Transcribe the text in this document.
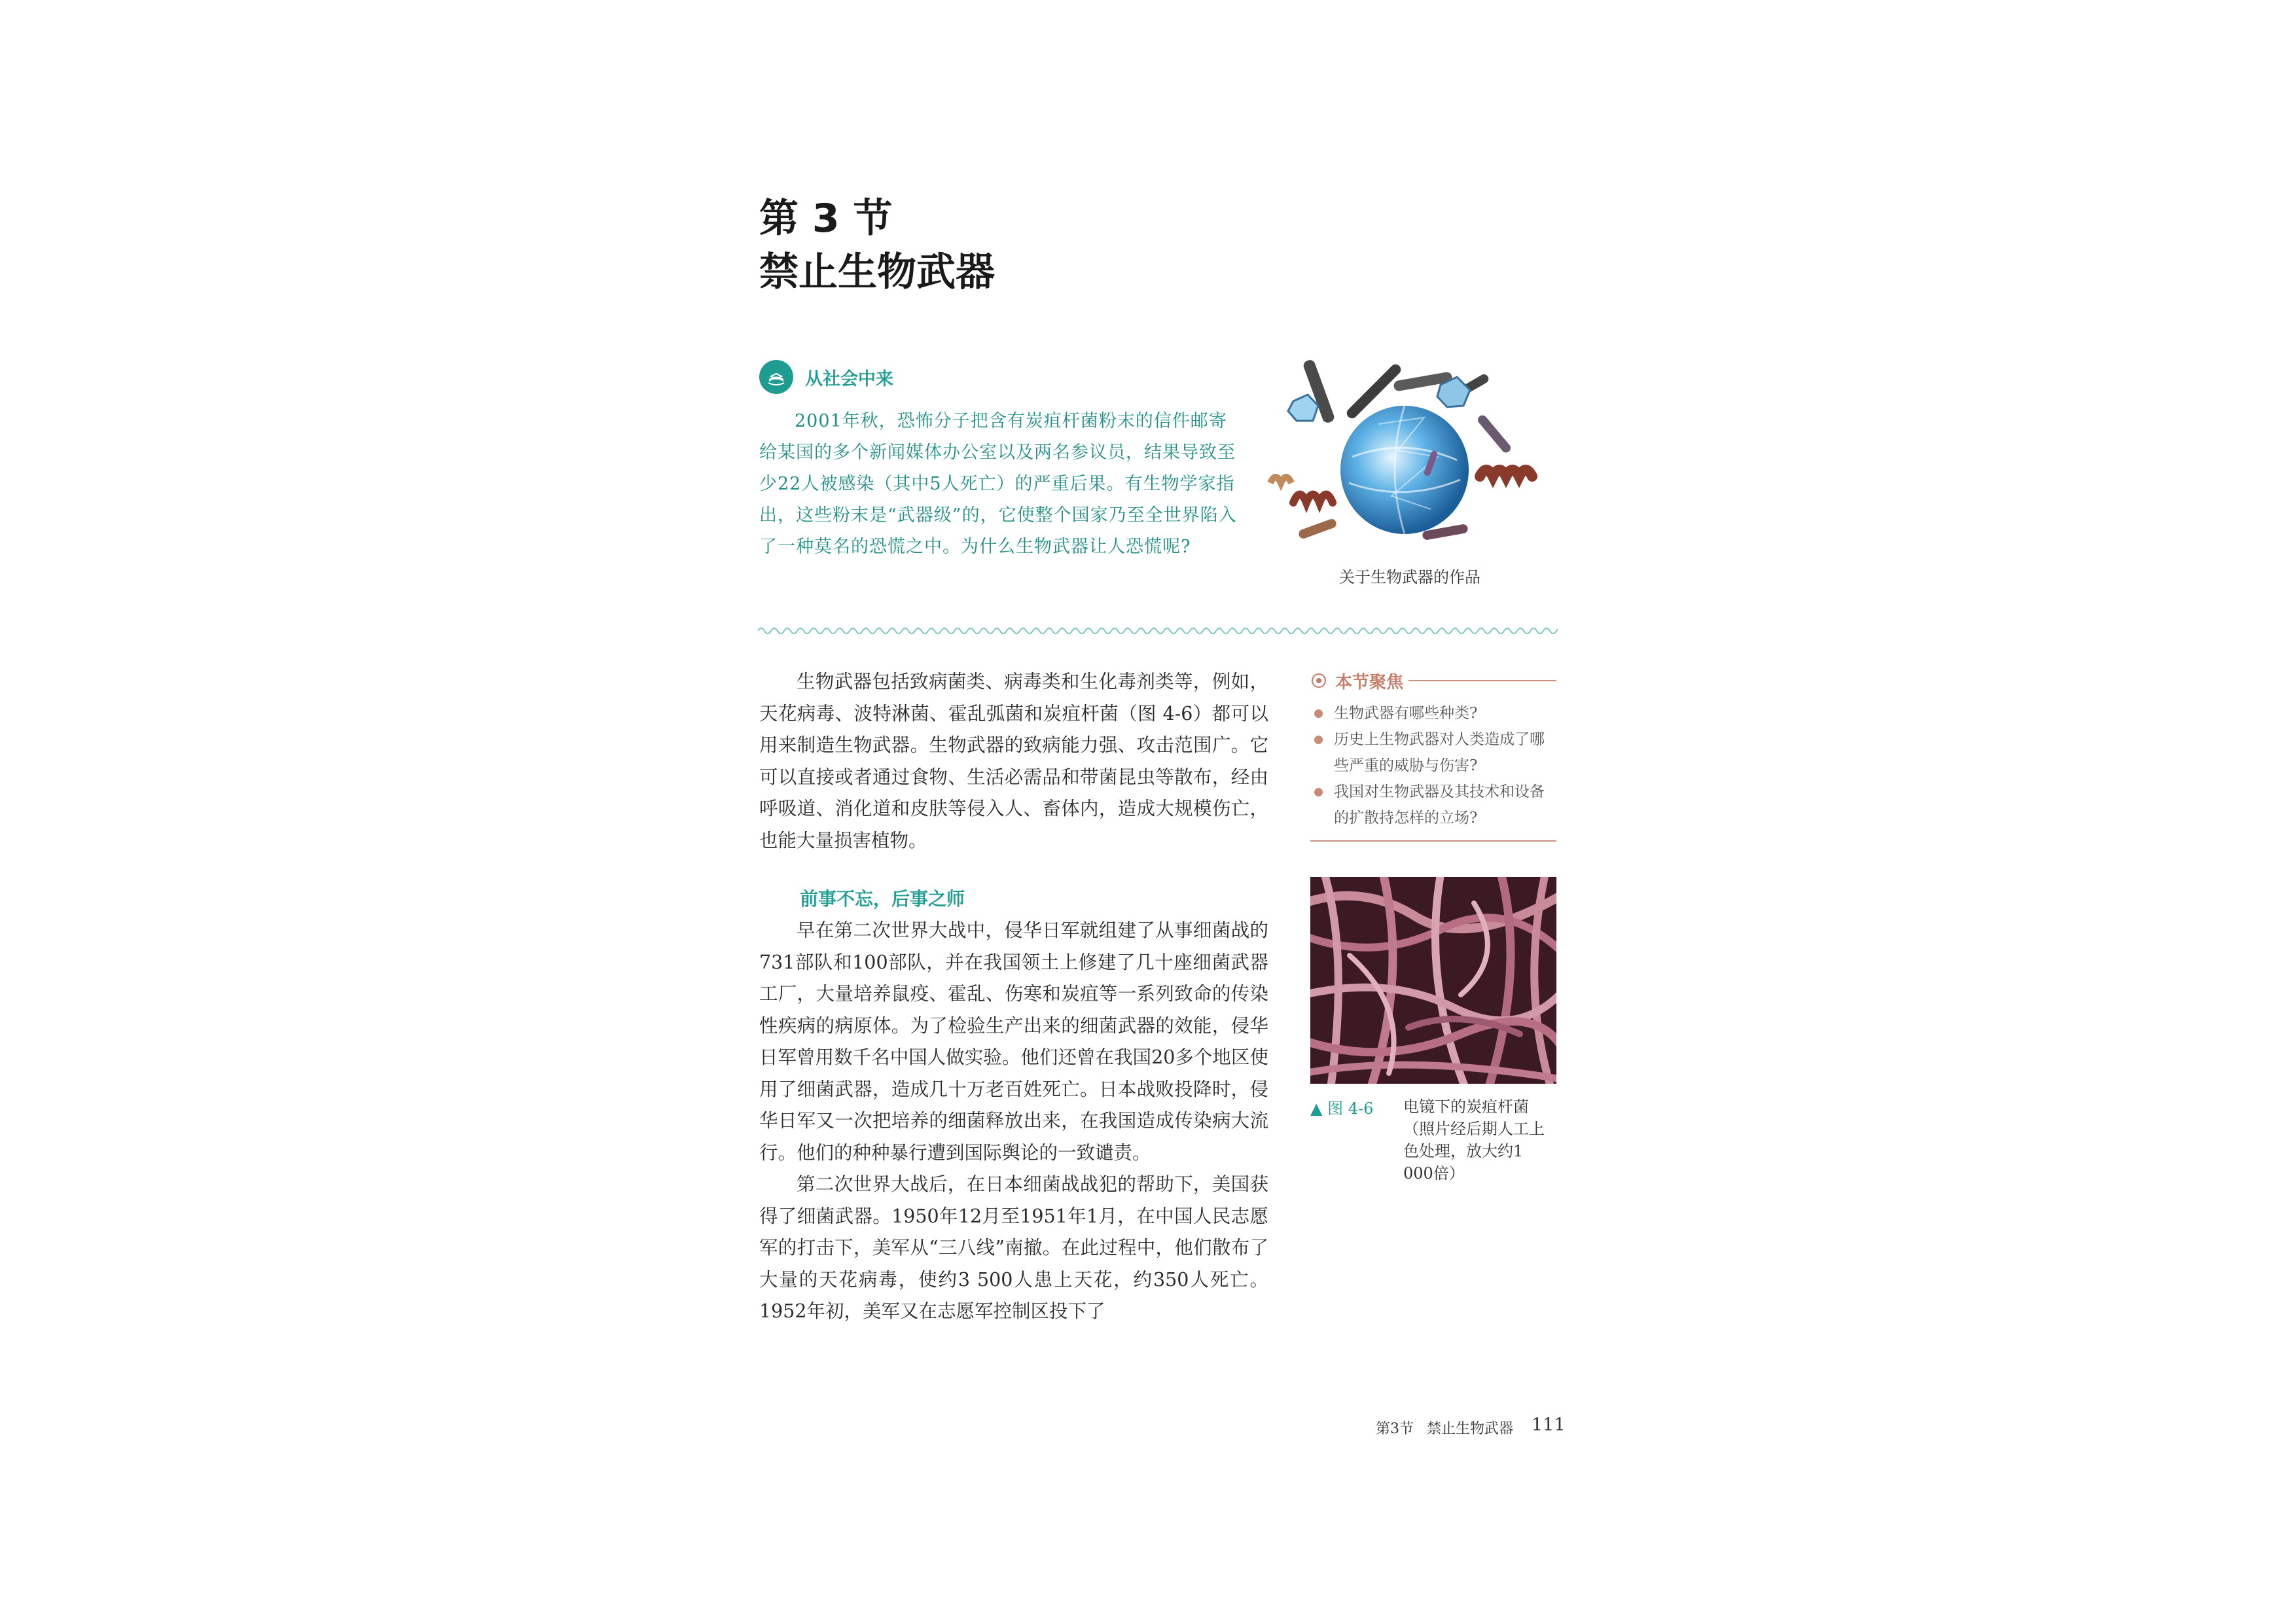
第 3 节
禁止生物武器
从社会中来
2001年秋，恐怖分子把含有炭疽杆菌粉末的信件邮寄给某国的多个新闻媒体办公室以及两名参议员，结果导致至少22人被感染（其中5人死亡）的严重后果。有生物学家指出，这些粉末是“武器级”的，它使整个国家乃至全世界陷入了一种莫名的恐慌之中。为什么生物武器让人恐慌呢?
关于生物武器的作品

生物武器包括致病菌类、病毒类和生化毒剂类等，例如，天花病毒、波特淋菌、霍乱弧菌和炭疽杆菌（图 4-6）都可以用来制造生物武器。生物武器的致病能力强、攻击范围广。它可以直接或者通过食物、生活必需品和带菌昆虫等散布，经由呼吸道、消化道和皮肤等侵入人、畜体内，造成大规模伤亡，也能大量损害植物。

前事不忘，后事之师

早在第二次世界大战中，侵华日军就组建了从事细菌战的731部队和100部队，并在我国领土上修建了几十座细菌武器工厂，大量培养鼠疫、霍乱、伤寒和炭疽等一系列致命的传染性疾病的病原体。为了检验生产出来的细菌武器的效能，侵华日军曾用数千名中国人做实验。他们还曾在我国20多个地区使用了细菌武器，造成几十万老百姓死亡。日本战败投降时，侵华日军又一次把培养的细菌释放出来，在我国造成传染病大流行。他们的种种暴行遭到国际舆论的一致谴责。

第二次世界大战后，在日本细菌战战犯的帮助下，美国获得了细菌武器。1950年12月至1951年1月，在中国人民志愿军的打击下，美军从“三八线”南撤。在此过程中，他们散布了大量的天花病毒，使约3 500人患上天花，约350人死亡。1952年初，美军又在志愿军控制区投下了

本节聚焦
生物武器有哪些种类?
历史上生物武器对人类造成了哪些严重的威胁与伤害?
我国对生物武器及其技术和设备的扩散持怎样的立场?
▲ 图 4-6 电镜下的炭疽杆菌（照片经后期人工上色处理，放大约1 000倍）
第3节 禁止生物武器 111
